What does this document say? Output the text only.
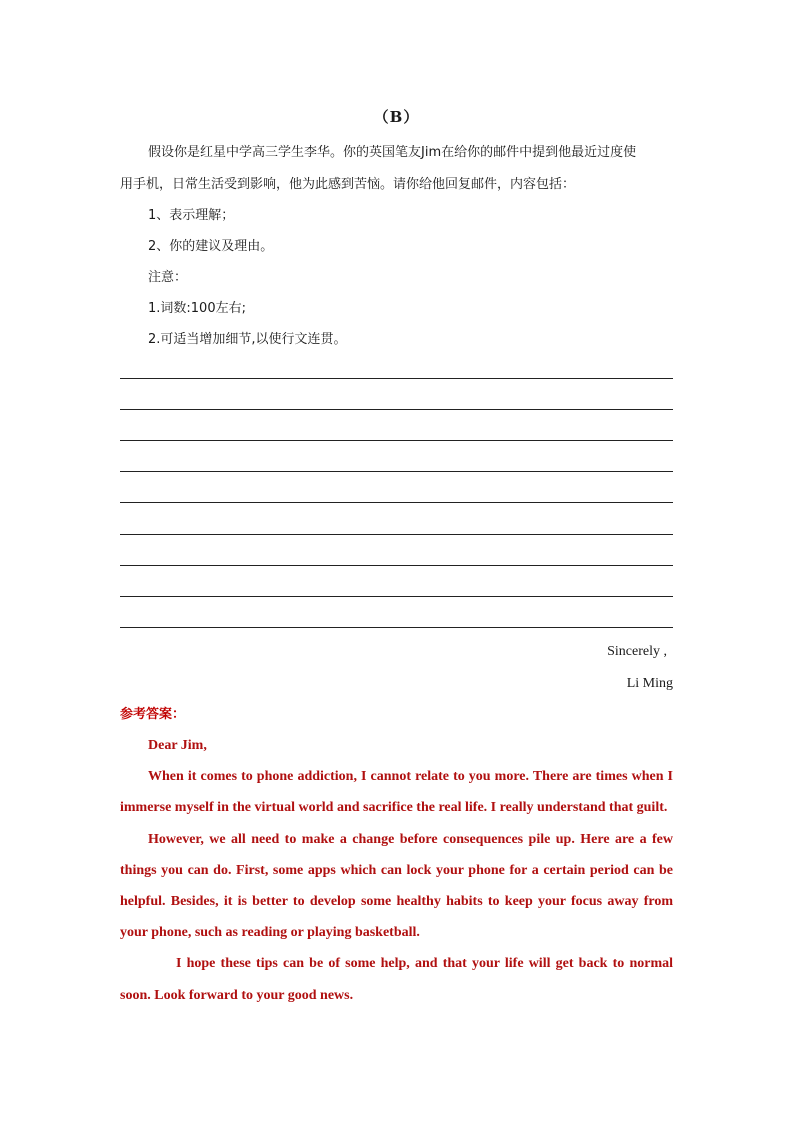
（B）
假设你是红星中学高三学生李华。你的英国笔友Jim在给你的邮件中提到他最近过度使
用手机，日常生活受到影响，他为此感到苦恼。请你给他回复邮件，内容包括：
1、表示理解；
2、你的建议及理由。
注意：
1.词数:100左右;
2.可适当增加细节,以使行文连贯。
Sincerely ,
Li Ming
参考答案：
Dear Jim,
When it comes to phone addiction, I cannot relate to you more. There are times when I
immerse myself in the virtual world and sacrifice the real life. I really understand that guilt.
However, we all need to make a change before consequences pile up. Here are a few
things you can do. First, some apps which can lock your phone for a certain period can be
helpful. Besides, it is better to develop some healthy habits to keep your focus away from
your phone, such as reading or playing basketball.
I hope these tips can be of some help, and that your life will get back to normal
soon. Look forward to your good news.
